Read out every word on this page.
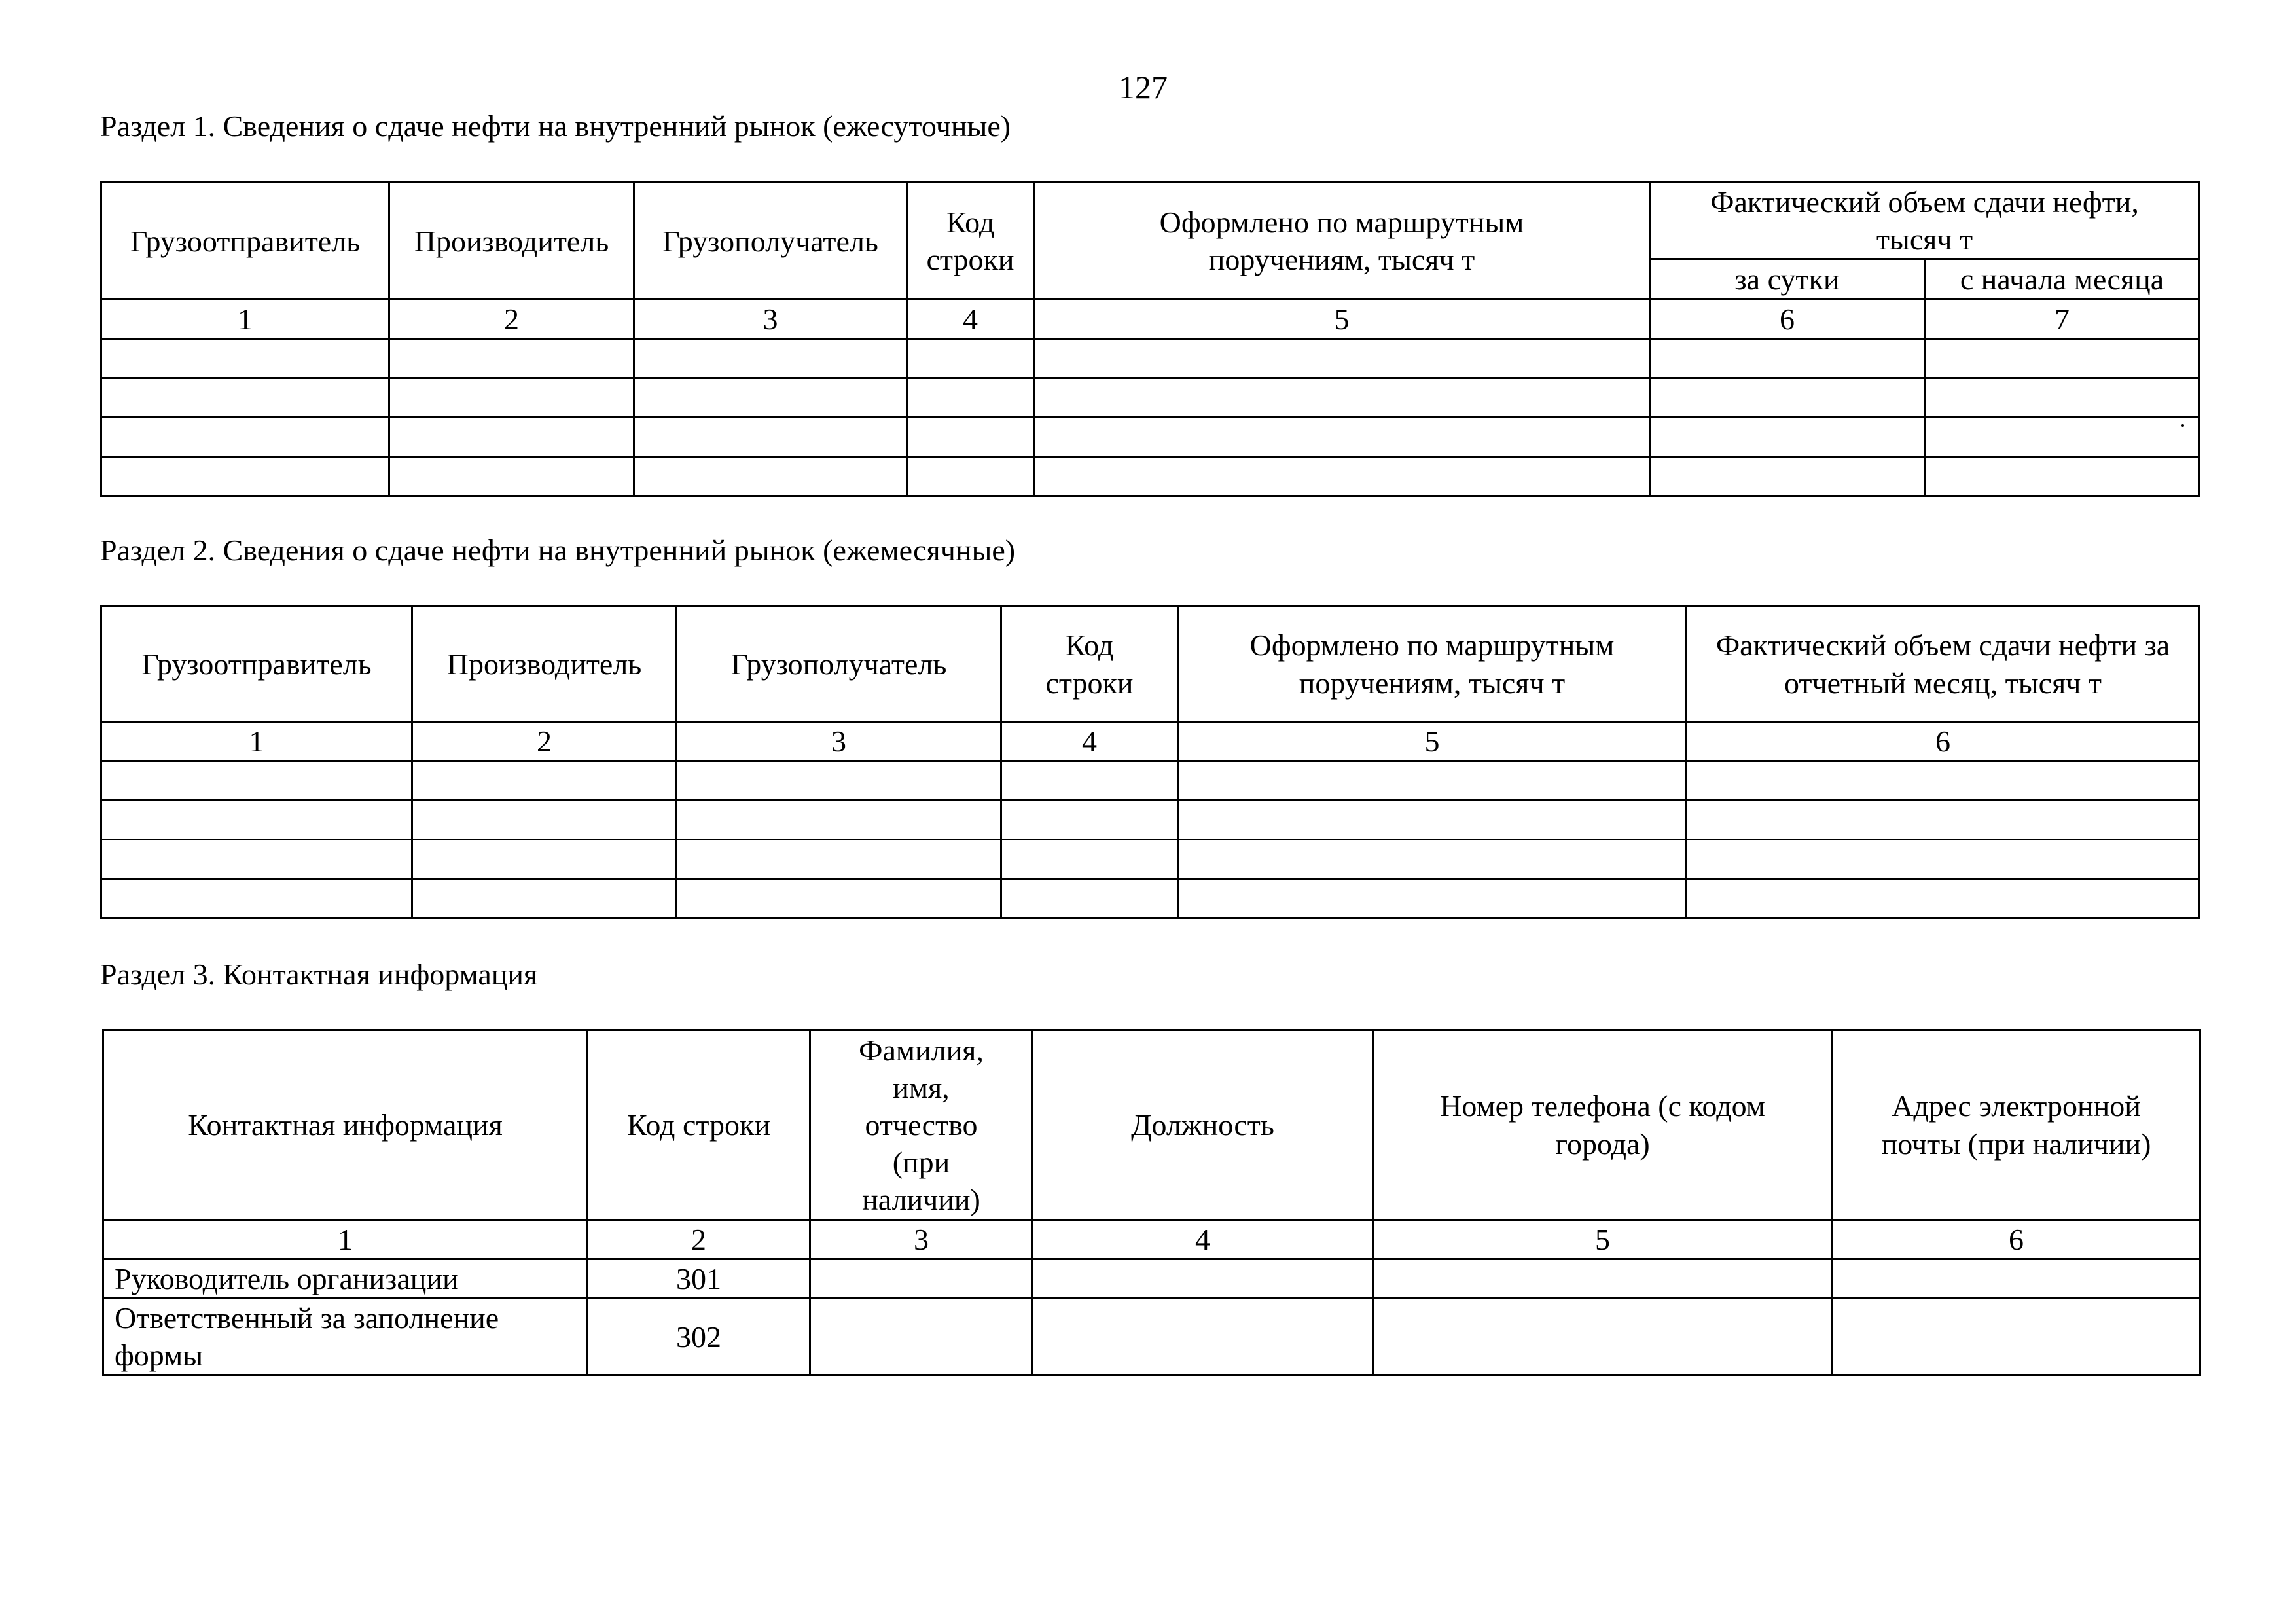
127
Раздел 1. Сведения о сдаче нефти на внутренний рынок (ежесуточные)
Грузоотправитель	Производитель	Грузополучатель	Код строки	Оформлено по маршрутным поручениям, тысяч т	Фактический объем сдачи нефти, тысяч т	
					за сутки	с начала месяца
1	2	3	4	5	6	7

Раздел 2. Сведения о сдаче нефти на внутренний рынок (ежемесячные)
Грузоотправитель	Производитель	Грузополучатель	Код строки	Оформлено по маршрутным поручениям, тысяч т	Фактический объем сдачи нефти за отчетный месяц, тысяч т
1	2	3	4	5	6

Раздел 3. Контактная информация
Контактная информация	Код строки	Фамилия, имя, отчество (при наличии)	Должность	Номер телефона (с кодом города)	Адрес электронной почты (при наличии)
1	2	3	4	5	6
Руководитель организации	301				
Ответственный за заполнение формы	302				
